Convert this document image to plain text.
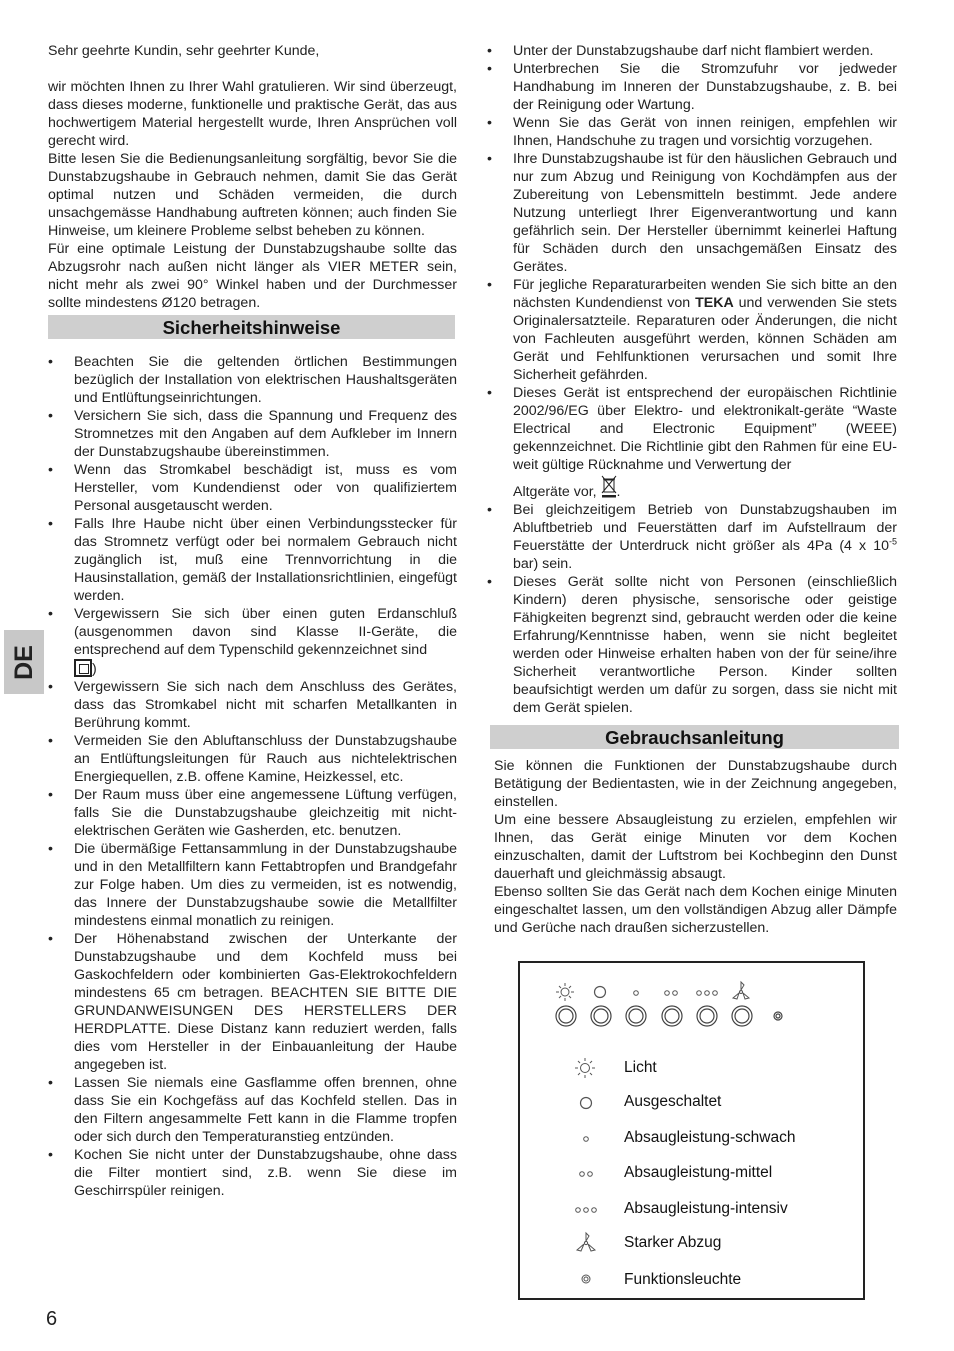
DE

Sehr geehrte Kundin, sehr geehrter Kunde,

wir möchten Ihnen zu Ihrer Wahl gratulieren. Wir sind überzeugt, dass dieses moderne, funktionelle und praktische Gerät, das aus hochwertigem Material hergestellt wurde, Ihren Ansprüchen voll gerecht wird.

Bitte lesen Sie die Bedienungsanleitung sorgfältig, bevor Sie die Dunstabzugshaube in Gebrauch nehmen, damit Sie das Gerät optimal nutzen und Schäden vermeiden, die durch unsachgemässe Handhabung auftreten können; auch finden Sie Hinweise, um kleinere Probleme selbst beheben zu können.

Für eine optimale Leistung der Dunstabzugshaube sollte das Abzugsrohr nach außen nicht länger als VIER METER sein, nicht mehr als zwei 90° Winkel haben und der Durchmesser sollte mindestens Ø120 betragen.

Sicherheitshinweise
• Beachten Sie die geltenden örtlichen Bestimmungen bezüglich der Installation von elektrischen Haushaltsgeräten und Entlüftungseinrichtungen.
• Versichern Sie sich, dass die Spannung und Frequenz des Stromnetzes mit den Angaben auf dem Aufkleber im Innern der Dunstabzugshaube übereinstimmen.
• Wenn das Stromkabel beschädigt ist, muss es vom Hersteller, vom Kundendienst oder von qualifiziertem Personal ausgetauscht werden.
• Falls Ihre Haube nicht über einen Verbindungsstecker für das Stromnetz verfügt oder bei normalem Gebrauch nicht zugänglich ist, muß eine Trennvorrichtung in die Hausinstallation, gemäß der Installationsrichtlinien, eingefügt werden.
• Vergewissern Sie sich über einen guten Erdanschluß (ausgenommen davon sind Klasse II-Geräte, die entsprechend auf dem Typenschild gekennzeichnet sind

)
• Vergewissern Sie sich nach dem Anschluss des Gerätes, dass das Stromkabel nicht mit scharfen Metallkanten in Berührung kommt.
• Vermeiden Sie den Abluftanschluss der Dunstabzugshaube an Entlüftungsleitungen für Rauch aus nichtelektrischen Energiequellen, z.B. offene Kamine, Heizkessel, etc.
• Der Raum muss über eine angemessene Lüftung verfügen, falls Sie die Dunstabzugshaube gleichzeitig mit nicht-elektrischen Geräten wie Gasherden, etc. benutzen.
• Die übermäßige Fettansammlung in der Dunstabzugshaube und in den Metallfiltern kann Fettabtropfen und Brandgefahr zur Folge haben. Um dies zu vermeiden, ist es notwendig, das Innere der Dunstabzugshaube sowie die Metallfilter mindestens einmal monatlich zu reinigen.
• Der Höhenabstand zwischen der Unterkante der Dunstabzugshaube und dem Kochfeld muss bei Gaskochfeldern oder kombinierten Gas-Elektrokochfeldern mindestens 65 cm betragen. BEACHTEN SIE BITTE DIE GRUNDANWEISUNGEN DES HERSTELLERS DER HERDPLATTE. Diese Distanz kann reduziert werden, falls dies vom Hersteller in der Einbauanleitung der Haube angegeben ist.
• Lassen Sie niemals eine Gasflamme offen brennen, ohne dass Sie ein Kochgefäss auf das Kochfeld stellen. Das in den Filtern angesammelte Fett kann in die Flamme tropfen oder sich durch den Temperaturanstieg entzünden.
• Kochen Sie nicht unter der Dunstabzugshaube, ohne dass die Filter montiert sind, z.B. wenn Sie diese im Geschirrspüler reinigen.
• Unter der Dunstabzugshaube darf nicht flambiert werden.
• Unterbrechen Sie die Stromzufuhr vor jedweder Handhabung im Inneren der Dunstabzugshaube, z. B. bei der Reinigung oder Wartung.
• Wenn Sie das Gerät von innen reinigen, empfehlen wir Ihnen, Handschuhe zu tragen und vorsichtig vorzugehen.
• Ihre Dunstabzugshaube ist für den häuslichen Gebrauch und nur zum Abzug und Reinigung von Kochdämpfen aus der Zubereitung von Lebensmitteln bestimmt. Jede andere Nutzung unterliegt Ihrer Eigenverantwortung und kann gefährlich sein. Der Hersteller übernimmt keinerlei Haftung für Schäden durch den unsachgemäßen Einsatz des Gerätes.
• Für jegliche Reparaturarbeiten wenden Sie sich bitte an den nächsten Kundendienst von TEKA und verwenden Sie stets Originalersatzteile. Reparaturen oder Änderungen, die nicht von Fachleuten ausgeführt werden, können Schäden am Gerät und Fehlfunktionen verursachen und somit Ihre Sicherheit gefährden.
• Dieses Gerät ist entsprechend der europäischen Richtlinie 2002/96/EG über Elektro- und elektronikalt-geräte “Waste Electrical and Electronic Equipment” (WEEE) gekennzeichnet. Die Richtlinie gibt den Rahmen für eine EU-weit gültige Rücknahme und Verwertung der
Altgeräte vor, .
• Bei gleichzeitigem Betrieb von Dunstabzugshauben im Abluftbetrieb und Feuerstätten darf im Aufstellraum der Feuerstätte der Unterdruck nicht größer als 4Pa (4 x $10^{-5}$ bar) sein.
• Dieses Gerät sollte nicht von Personen (einschließlich Kindern) deren physische, sensorische oder geistige Fähigkeiten begrenzt sind, gebraucht werden oder die keine Erfahrung/Kenntnisse haben, wenn sie nicht begleitet werden oder Hinweise erhalten haben von der für seine/ihre Sicherheit verantwortliche Person. Kinder sollten beaufsichtigt werden um dafür zu sorgen, dass sie nicht mit dem Gerät spielen.
Gebrauchsanleitung

Sie können die Funktionen der Dunstabzugshaube durch Betätigung der Bedientasten, wie in der Zeichnung angegeben, einstellen.

Um eine bessere Absaugleistung zu erzielen, empfehlen wir Ihnen, das Gerät einige Minuten vor dem Kochen einzuschalten, damit der Luftstrom bei Kochbeginn den Dunst dauerhaft und gleichmässig absaugt.

Ebenso sollten Sie das Gerät nach dem Kochen einige Minuten eingeschaltet lassen, um den vollständigen Abzug aller Dämpfe und Gerüche nach draußen sicherzustellen.

Licht
Ausgeschaltet
Absaugleistung-schwach
Absaugleistung-mittel
Absaugleistung-intensiv
Starker Abzug
Funktionsleuchte
6
